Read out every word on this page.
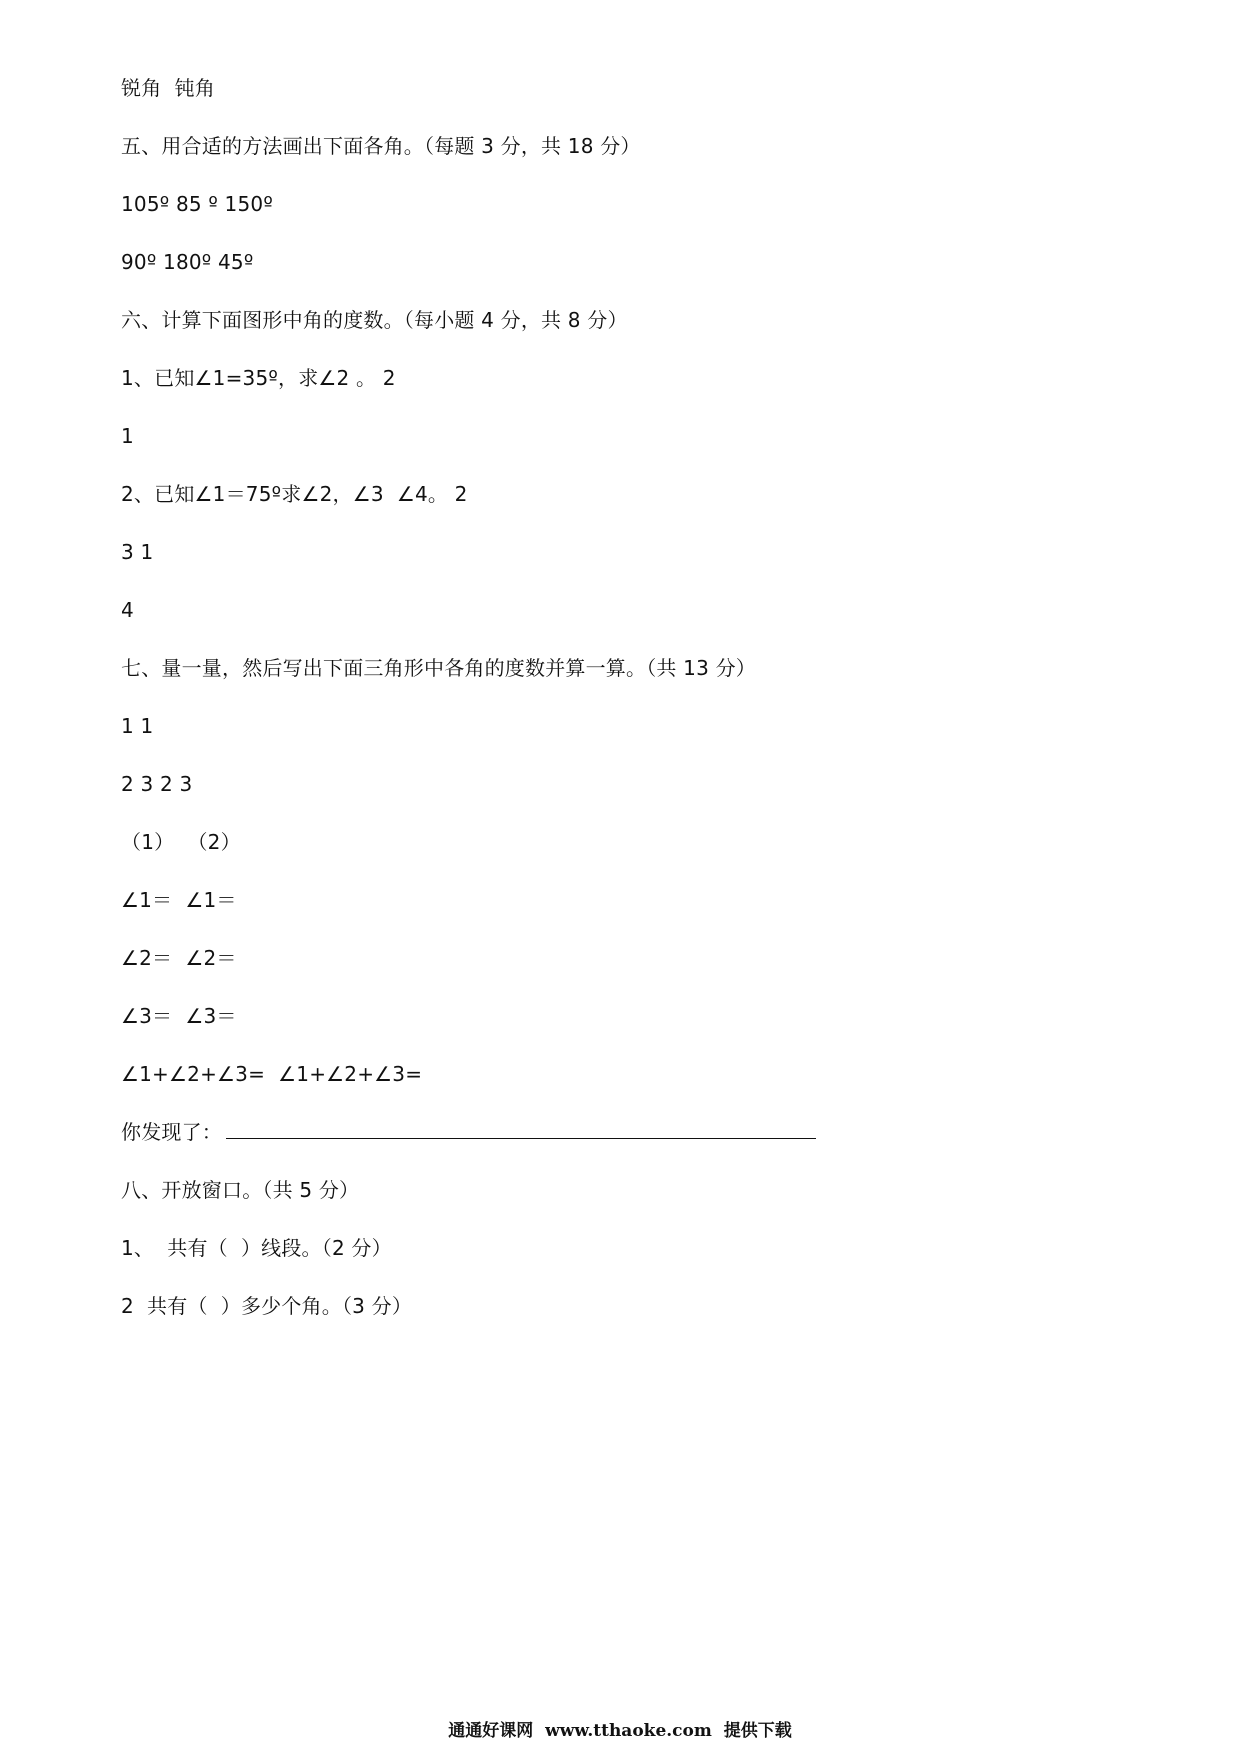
锐角  钝角
五、用合适的方法画出下面各角。（每题 3 分，共 18 分）
105º 85 º 150º
90º 180º 45º
六、计算下面图形中角的度数。（每小题 4 分，共 8 分）
1、已知∠1=35º，求∠2 。 2
1
2、已知∠1＝75º求∠2，∠3  ∠4。 2
3 1
4
七、量一量，然后写出下面三角形中各角的度数并算一算。（共 13 分）
1 1
2 3 2 3
（1）  （2）
∠1＝  ∠1＝
∠2＝  ∠2＝
∠3＝  ∠3＝
∠1+∠2+∠3=  ∠1+∠2+∠3=
你发现了：
八、开放窗口。（共 5 分）
1、  共有（  ）线段。（2 分）
2  共有（  ）多少个角。（3 分）
通通好课网  www.tthaoke.com  提供下载
